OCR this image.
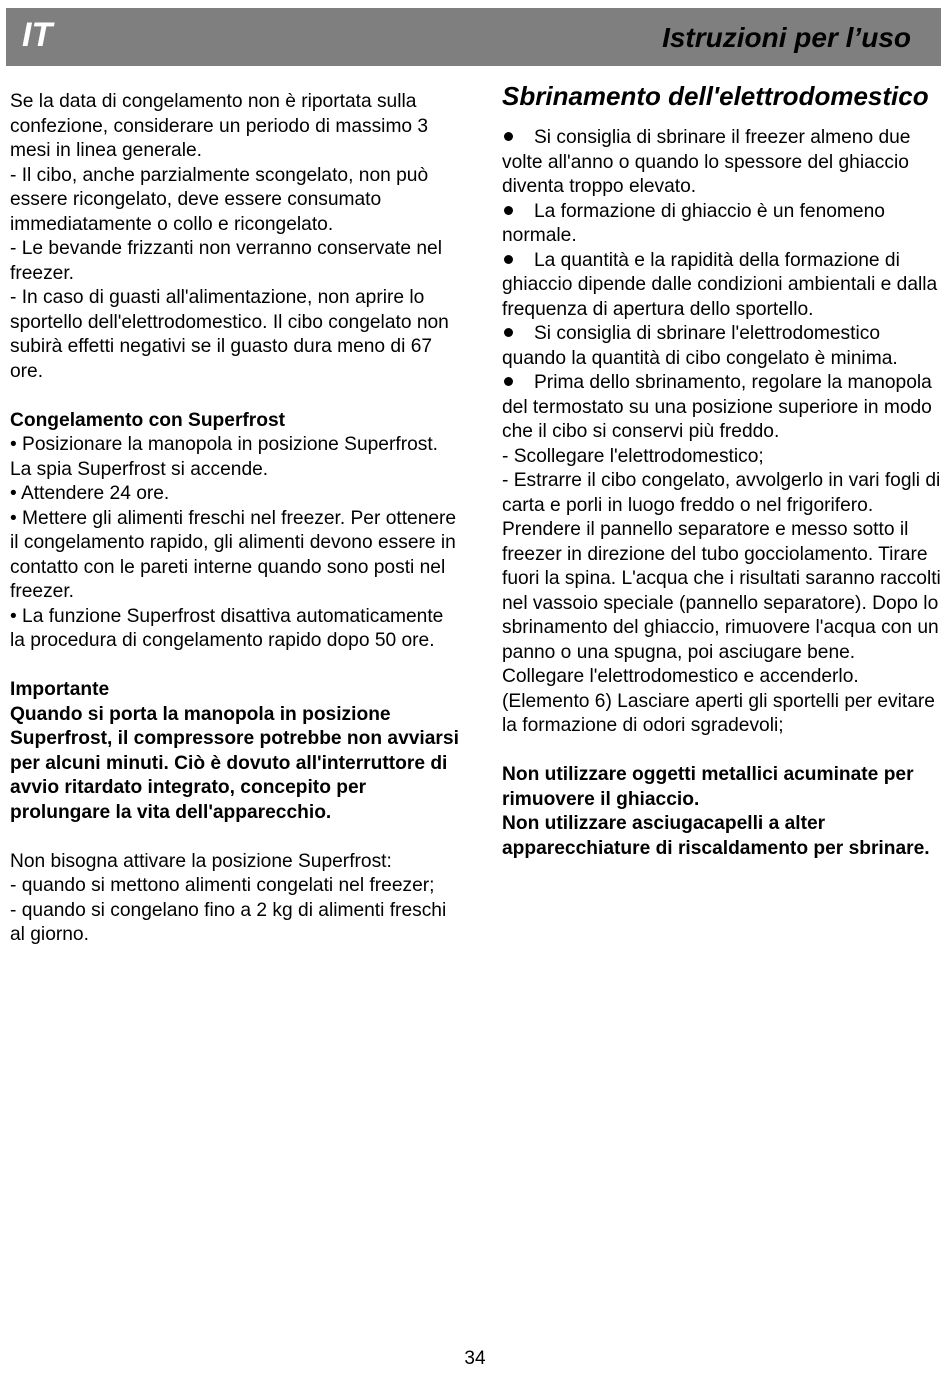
IT	Istruzioni per l’uso

Se la data di congelamento non è riportata sulla confezione, considerare un periodo di massimo 3 mesi in linea generale.

- Il cibo, anche parzialmente scongelato, non può essere ricongelato, deve essere consumato immediatamente o collo e ricongelato.

- Le bevande frizzanti non verranno conservate nel freezer.

- In caso di guasti all'alimentazione, non aprire lo sportello dell'elettrodomestico. Il cibo congelato non subirà effetti negativi se il guasto dura meno di 67 ore.

Congelamento con Superfrost

• Posizionare la manopola in posizione Superfrost. La spia Superfrost si accende.

• Attendere 24 ore.

• Mettere gli alimenti freschi nel freezer. Per ottenere il congelamento rapido, gli alimenti devono essere in contatto con le pareti interne quando sono posti nel freezer.

• La funzione Superfrost disattiva automaticamente la procedura di congelamento rapido dopo 50 ore.

Importante

Quando si porta la manopola in posizione Superfrost, il compressore potrebbe non avviarsi per alcuni minuti. Ciò è dovuto all'interruttore di avvio ritardato integrato, concepito per prolungare la vita dell'apparecchio.

Non bisogna attivare la posizione Superfrost:

- quando si mettono alimenti congelati nel freezer;

- quando si congelano fino a 2 kg di alimenti freschi al giorno.

Sbrinamento dell'elettrodomestico

Si consiglia di sbrinare il freezer almeno due volte all'anno o quando lo spessore del ghiaccio diventa troppo elevato.

La formazione di ghiaccio è un fenomeno normale.

La quantità e la rapidità della formazione di ghiaccio dipende dalle condizioni ambientali e dalla frequenza di apertura dello sportello.

Si consiglia di sbrinare l'elettrodomestico quando la quantità di cibo congelato è minima.

Prima dello sbrinamento, regolare la manopola del termostato su una posizione superiore in modo che il cibo si conservi più freddo.

- Scollegare l'elettrodomestico;

- Estrarre il cibo congelato, avvolgerlo in vari fogli di carta e porli in luogo freddo o nel frigorifero.

Prendere il pannello separatore e messo sotto il freezer in direzione del tubo gocciolamento. Tirare fuori la spina. L'acqua che i risultati saranno raccolti nel vassoio speciale (pannello separatore). Dopo lo sbrinamento del ghiaccio, rimuovere l'acqua con un panno o una spugna, poi asciugare bene. Collegare l'elettrodomestico e accenderlo. (Elemento 6) Lasciare aperti gli sportelli per evitare la formazione di odori sgradevoli;

Non utilizzare oggetti metallici acuminate per rimuovere il ghiaccio.

Non utilizzare asciugacapelli a alter apparecchiature di riscaldamento per sbrinare.

34
